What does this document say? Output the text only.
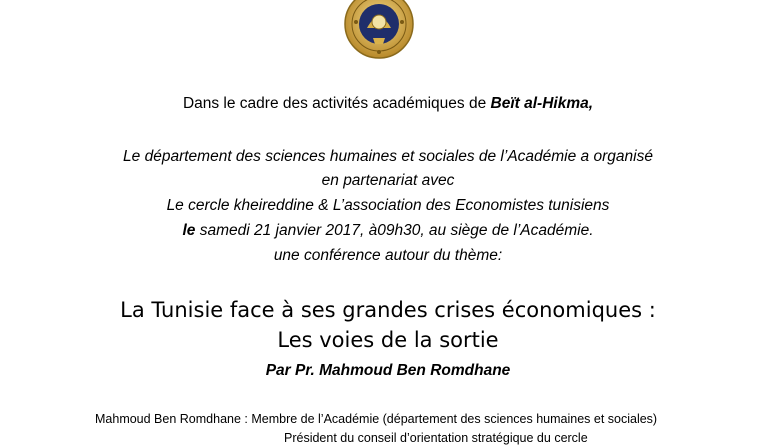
Dans le cadre des activités académiques de Beït al-Hikma,
Le département des sciences humaines et sociales de l’Académie a organisé
en partenariat avec
Le cercle kheireddine & L’association des Economistes tunisiens
le samedi 21 janvier 2017, à09h30, au siège de l’Académie.
une conférence autour du thème:
La Tunisie face à ses grandes crises économiques :
Les voies de la sortie
Par Pr. Mahmoud Ben Romdhane
Mahmoud Ben Romdhane : Membre de l’Académie (département des sciences humaines et sociales)
Président du conseil d’orientation stratégique du cercle
